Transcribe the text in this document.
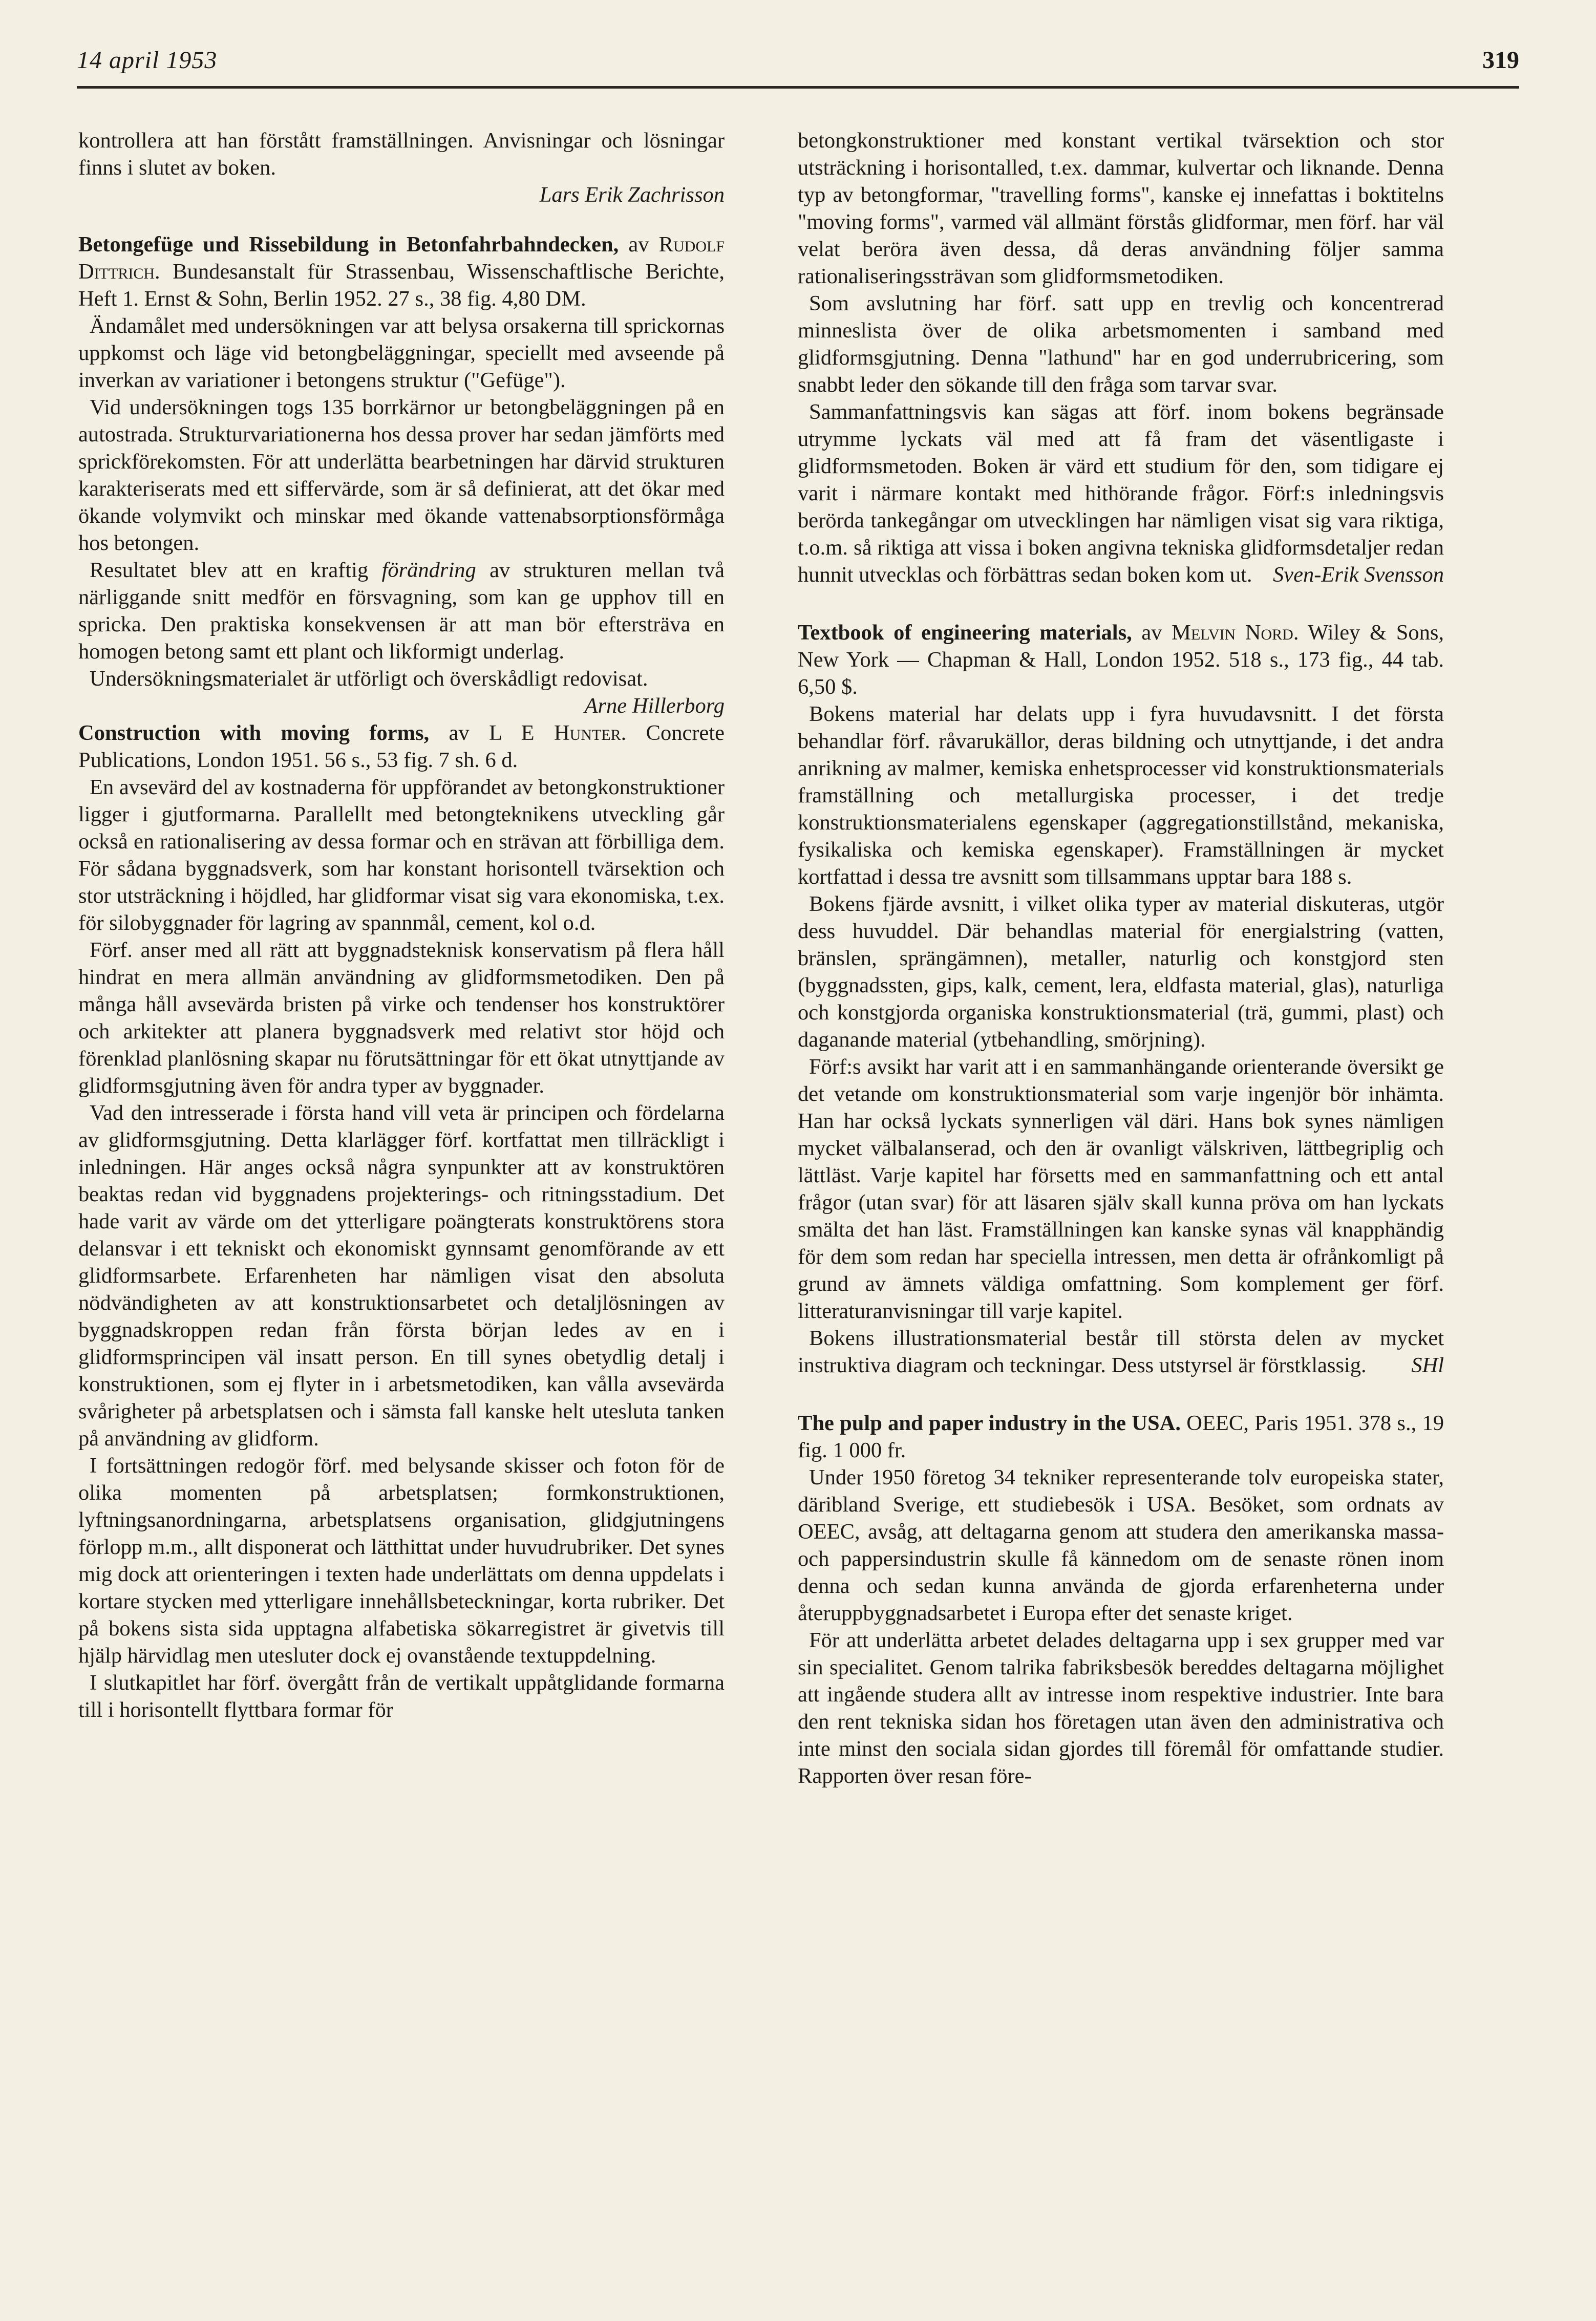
14 april 1953	319

kontrollera att han förstått framställningen. Anvisningar och lösningar finns i slutet av boken.

Lars Erik Zachrisson

Betongefüge und Rissebildung in Betonfahrbahndecken, av Rudolf Dittrich. Bundesanstalt für Strassenbau, Wissenschaftlische Berichte, Heft 1. Ernst & Sohn, Berlin 1952. 27 s., 38 fig. 4,80 DM.

Ändamålet med undersökningen var att belysa orsakerna till sprickornas uppkomst och läge vid betongbeläggningar, speciellt med avseende på inverkan av variationer i betongens struktur ("Gefüge").

Vid undersökningen togs 135 borrkärnor ur betongbeläggningen på en autostrada. Strukturvariationerna hos dessa prover har sedan jämförts med sprickförekomsten. För att underlätta bearbetningen har därvid strukturen karakteriserats med ett siffervärde, som är så definierat, att det ökar med ökande volymvikt och minskar med ökande vattenabsorptionsförmåga hos betongen.

Resultatet blev att en kraftig förändring av strukturen mellan två närliggande snitt medför en försvagning, som kan ge upphov till en spricka. Den praktiska konsekvensen är att man bör eftersträva en homogen betong samt ett plant och likformigt underlag.

Undersökningsmaterialet är utförligt och överskådligt redovisat.
Arne Hillerborg

Construction with moving forms, av L E Hunter. Concrete Publications, London 1951. 56 s., 53 fig. 7 sh. 6 d.

En avsevärd del av kostnaderna för uppförandet av betongkonstruktioner ligger i gjutformarna. Parallellt med betongteknikens utveckling går också en rationalisering av dessa formar och en strävan att förbilliga dem. För sådana byggnadsverk, som har konstant horisontell tvärsektion och stor utsträckning i höjdled, har glidformar visat sig vara ekonomiska, t.ex. för silobyggnader för lagring av spannmål, cement, kol o.d.

Förf. anser med all rätt att byggnadsteknisk konservatism på flera håll hindrat en mera allmän användning av glidformsmetodiken. Den på många håll avsevärda bristen på virke och tendenser hos konstruktörer och arkitekter att planera byggnadsverk med relativt stor höjd och förenklad planlösning skapar nu förutsättningar för ett ökat utnyttjande av glidformsgjutning även för andra typer av byggnader.

Vad den intresserade i första hand vill veta är principen och fördelarna av glidformsgjutning. Detta klarlägger förf. kortfattat men tillräckligt i inledningen. Här anges också några synpunkter att av konstruktören beaktas redan vid byggnadens projekterings- och ritningsstadium. Det hade varit av värde om det ytterligare poängterats konstruktörens stora delansvar i ett tekniskt och ekonomiskt gynnsamt genomförande av ett glidformsarbete. Erfarenheten har nämligen visat den absoluta nödvändigheten av att konstruktionsarbetet och detaljlösningen av byggnadskroppen redan från första början ledes av en i glidformsprincipen väl insatt person. En till synes obetydlig detalj i konstruktionen, som ej flyter in i arbetsmetodiken, kan vålla avsevärda svårigheter på arbetsplatsen och i sämsta fall kanske helt utesluta tanken på användning av glidform.

I fortsättningen redogör förf. med belysande skisser och foton för de olika momenten på arbetsplatsen; formkonstruktionen, lyftningsanordningarna, arbetsplatsens organisation, glidgjutningens förlopp m.m., allt disponerat och lätthittat under huvudrubriker. Det synes mig dock att orienteringen i texten hade underlättats om denna uppdelats i kortare stycken med ytterligare innehållsbeteckningar, korta rubriker. Det på bokens sista sida upptagna alfabetiska sökarregistret är givetvis till hjälp härvidlag men utesluter dock ej ovanstående textuppdelning.

I slutkapitlet har förf. övergått från de vertikalt uppåtglidande formarna till i horisontellt flyttbara formar för

betongkonstruktioner med konstant vertikal tvärsektion och stor utsträckning i horisontalled, t.ex. dammar, kulvertar och liknande. Denna typ av betongformar, "travelling forms", kanske ej innefattas i boktitelns "moving forms", varmed väl allmänt förstås glidformar, men förf. har väl velat beröra även dessa, då deras användning följer samma rationaliseringssträvan som glidformsmetodiken.

Som avslutning har förf. satt upp en trevlig och koncentrerad minneslista över de olika arbetsmomenten i samband med glidformsgjutning. Denna "lathund" har en god underrubricering, som snabbt leder den sökande till den fråga som tarvar svar.

Sammanfattningsvis kan sägas att förf. inom bokens begränsade utrymme lyckats väl med att få fram det väsentligaste i glidformsmetoden. Boken är värd ett studium för den, som tidigare ej varit i närmare kontakt med hithörande frågor. Förf:s inledningsvis berörda tankegångar om utvecklingen har nämligen visat sig vara riktiga, t.o.m. så riktiga att vissa i boken angivna tekniska glidformsdetaljer redan hunnit utvecklas och förbättras sedan boken kom ut. Sven-Erik Svensson

Textbook of engineering materials, av Melvin Nord. Wiley & Sons, New York — Chapman & Hall, London 1952. 518 s., 173 fig., 44 tab. 6,50 $.

Bokens material har delats upp i fyra huvudavsnitt. I det första behandlar förf. råvarukällor, deras bildning och utnyttjande, i det andra anrikning av malmer, kemiska enhetsprocesser vid konstruktionsmaterials framställning och metallurgiska processer, i det tredje konstruktionsmaterialens egenskaper (aggregationstillstånd, mekaniska, fysikaliska och kemiska egenskaper). Framställningen är mycket kortfattad i dessa tre avsnitt som tillsammans upptar bara 188 s.

Bokens fjärde avsnitt, i vilket olika typer av material diskuteras, utgör dess huvuddel. Där behandlas material för energialstring (vatten, bränslen, sprängämnen), metaller, naturlig och konstgjord sten (byggnadssten, gips, kalk, cement, lera, eldfasta material, glas), naturliga och konstgjorda organiska konstruktionsmaterial (trä, gummi, plast) och daganande material (ytbehandling, smörjning).

Förf:s avsikt har varit att i en sammanhängande orienterande översikt ge det vetande om konstruktionsmaterial som varje ingenjör bör inhämta. Han har också lyckats synnerligen väl däri. Hans bok synes nämligen mycket välbalanserad, och den är ovanligt välskriven, lättbegriplig och lättläst. Varje kapitel har försetts med en sammanfattning och ett antal frågor (utan svar) för att läsaren själv skall kunna pröva om han lyckats smälta det han läst. Framställningen kan kanske synas väl knapphändig för dem som redan har speciella intressen, men detta är ofrånkomligt på grund av ämnets väldiga omfattning. Som komplement ger förf. litteraturanvisningar till varje kapitel.

Bokens illustrationsmaterial består till största delen av mycket instruktiva diagram och teckningar. Dess utstyrsel är förstklassig.	SHl

The pulp and paper industry in the USA. OEEC, Paris 1951. 378 s., 19 fig. 1 000 fr.

Under 1950 företog 34 tekniker representerande tolv europeiska stater, däribland Sverige, ett studiebesök i USA. Besöket, som ordnats av OEEC, avsåg, att deltagarna genom att studera den amerikanska massa- och pappersindustrin skulle få kännedom om de senaste rönen inom denna och sedan kunna använda de gjorda erfarenheterna under återuppbyggnadsarbetet i Europa efter det senaste kriget.

För att underlätta arbetet delades deltagarna upp i sex grupper med var sin specialitet. Genom talrika fabriksbesök bereddes deltagarna möjlighet att ingående studera allt av intresse inom respektive industrier. Inte bara den rent tekniska sidan hos företagen utan även den administrativa och inte minst den sociala sidan gjordes till föremål för omfattande studier. Rapporten över resan före-
